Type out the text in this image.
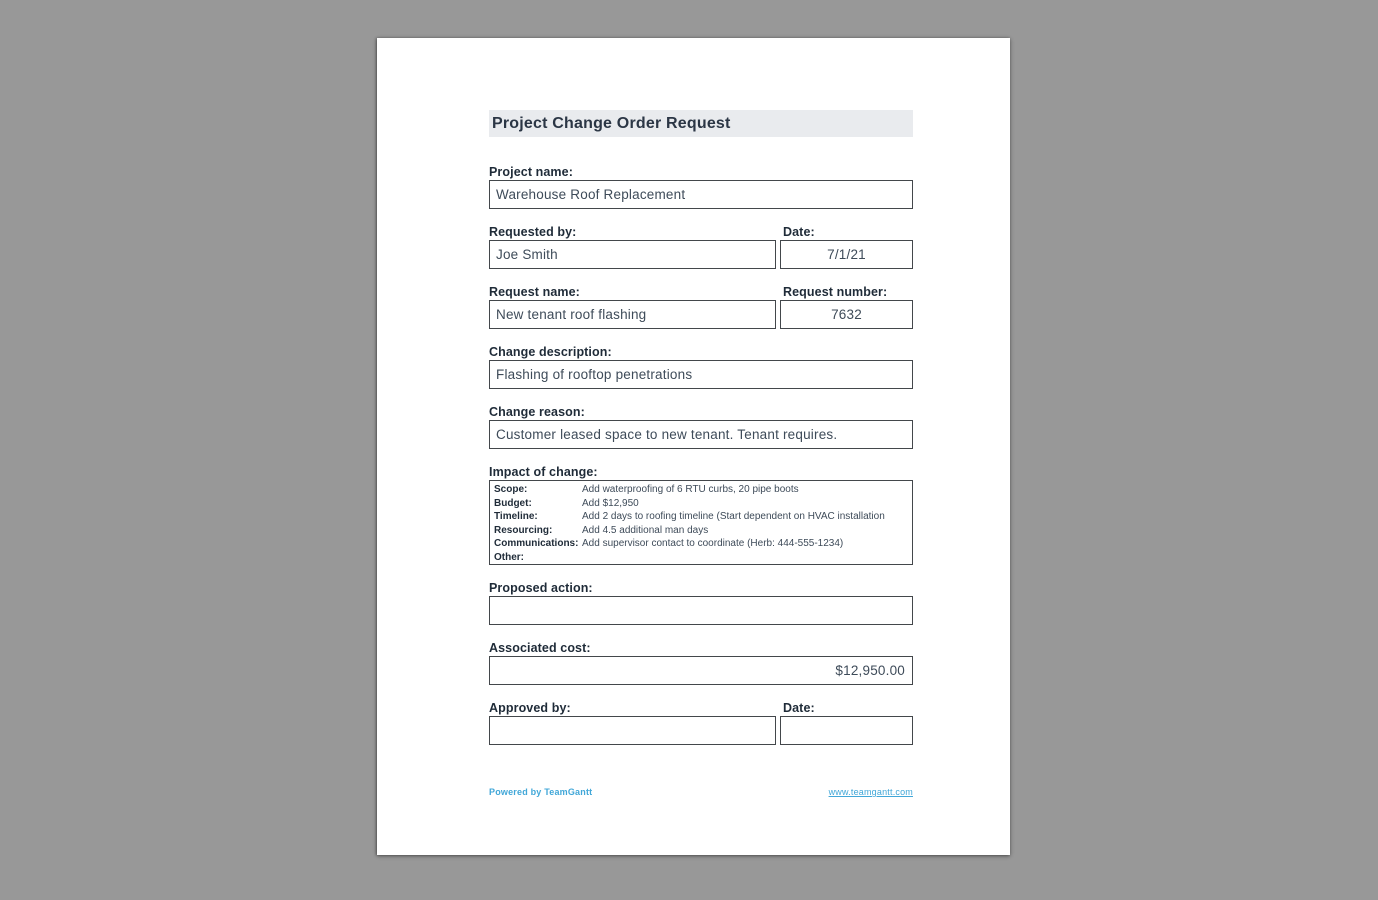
Project Change Order Request
Project name:
Warehouse Roof Replacement
Requested by:
Joe Smith
Date:
7/1/21
Request name:
New tenant roof flashing
Request number:
7632
Change description:
Flashing of rooftop penetrations
Change reason:
Customer leased space to new tenant. Tenant requires.
Impact of change:
Scope:	Add waterproofing of 6 RTU curbs, 20 pipe boots
Budget:	Add $12,950
Timeline:	Add 2 days to roofing timeline (Start dependent on HVAC installation
Resourcing:	Add 4.5 additional man days
Communications: Add supervisor contact to coordinate (Herb: 444-555-1234)
Other:
Proposed action:
Associated cost:
$12,950.00
Approved by:	Date:
Powered by TeamGantt	www.teamgantt.com
